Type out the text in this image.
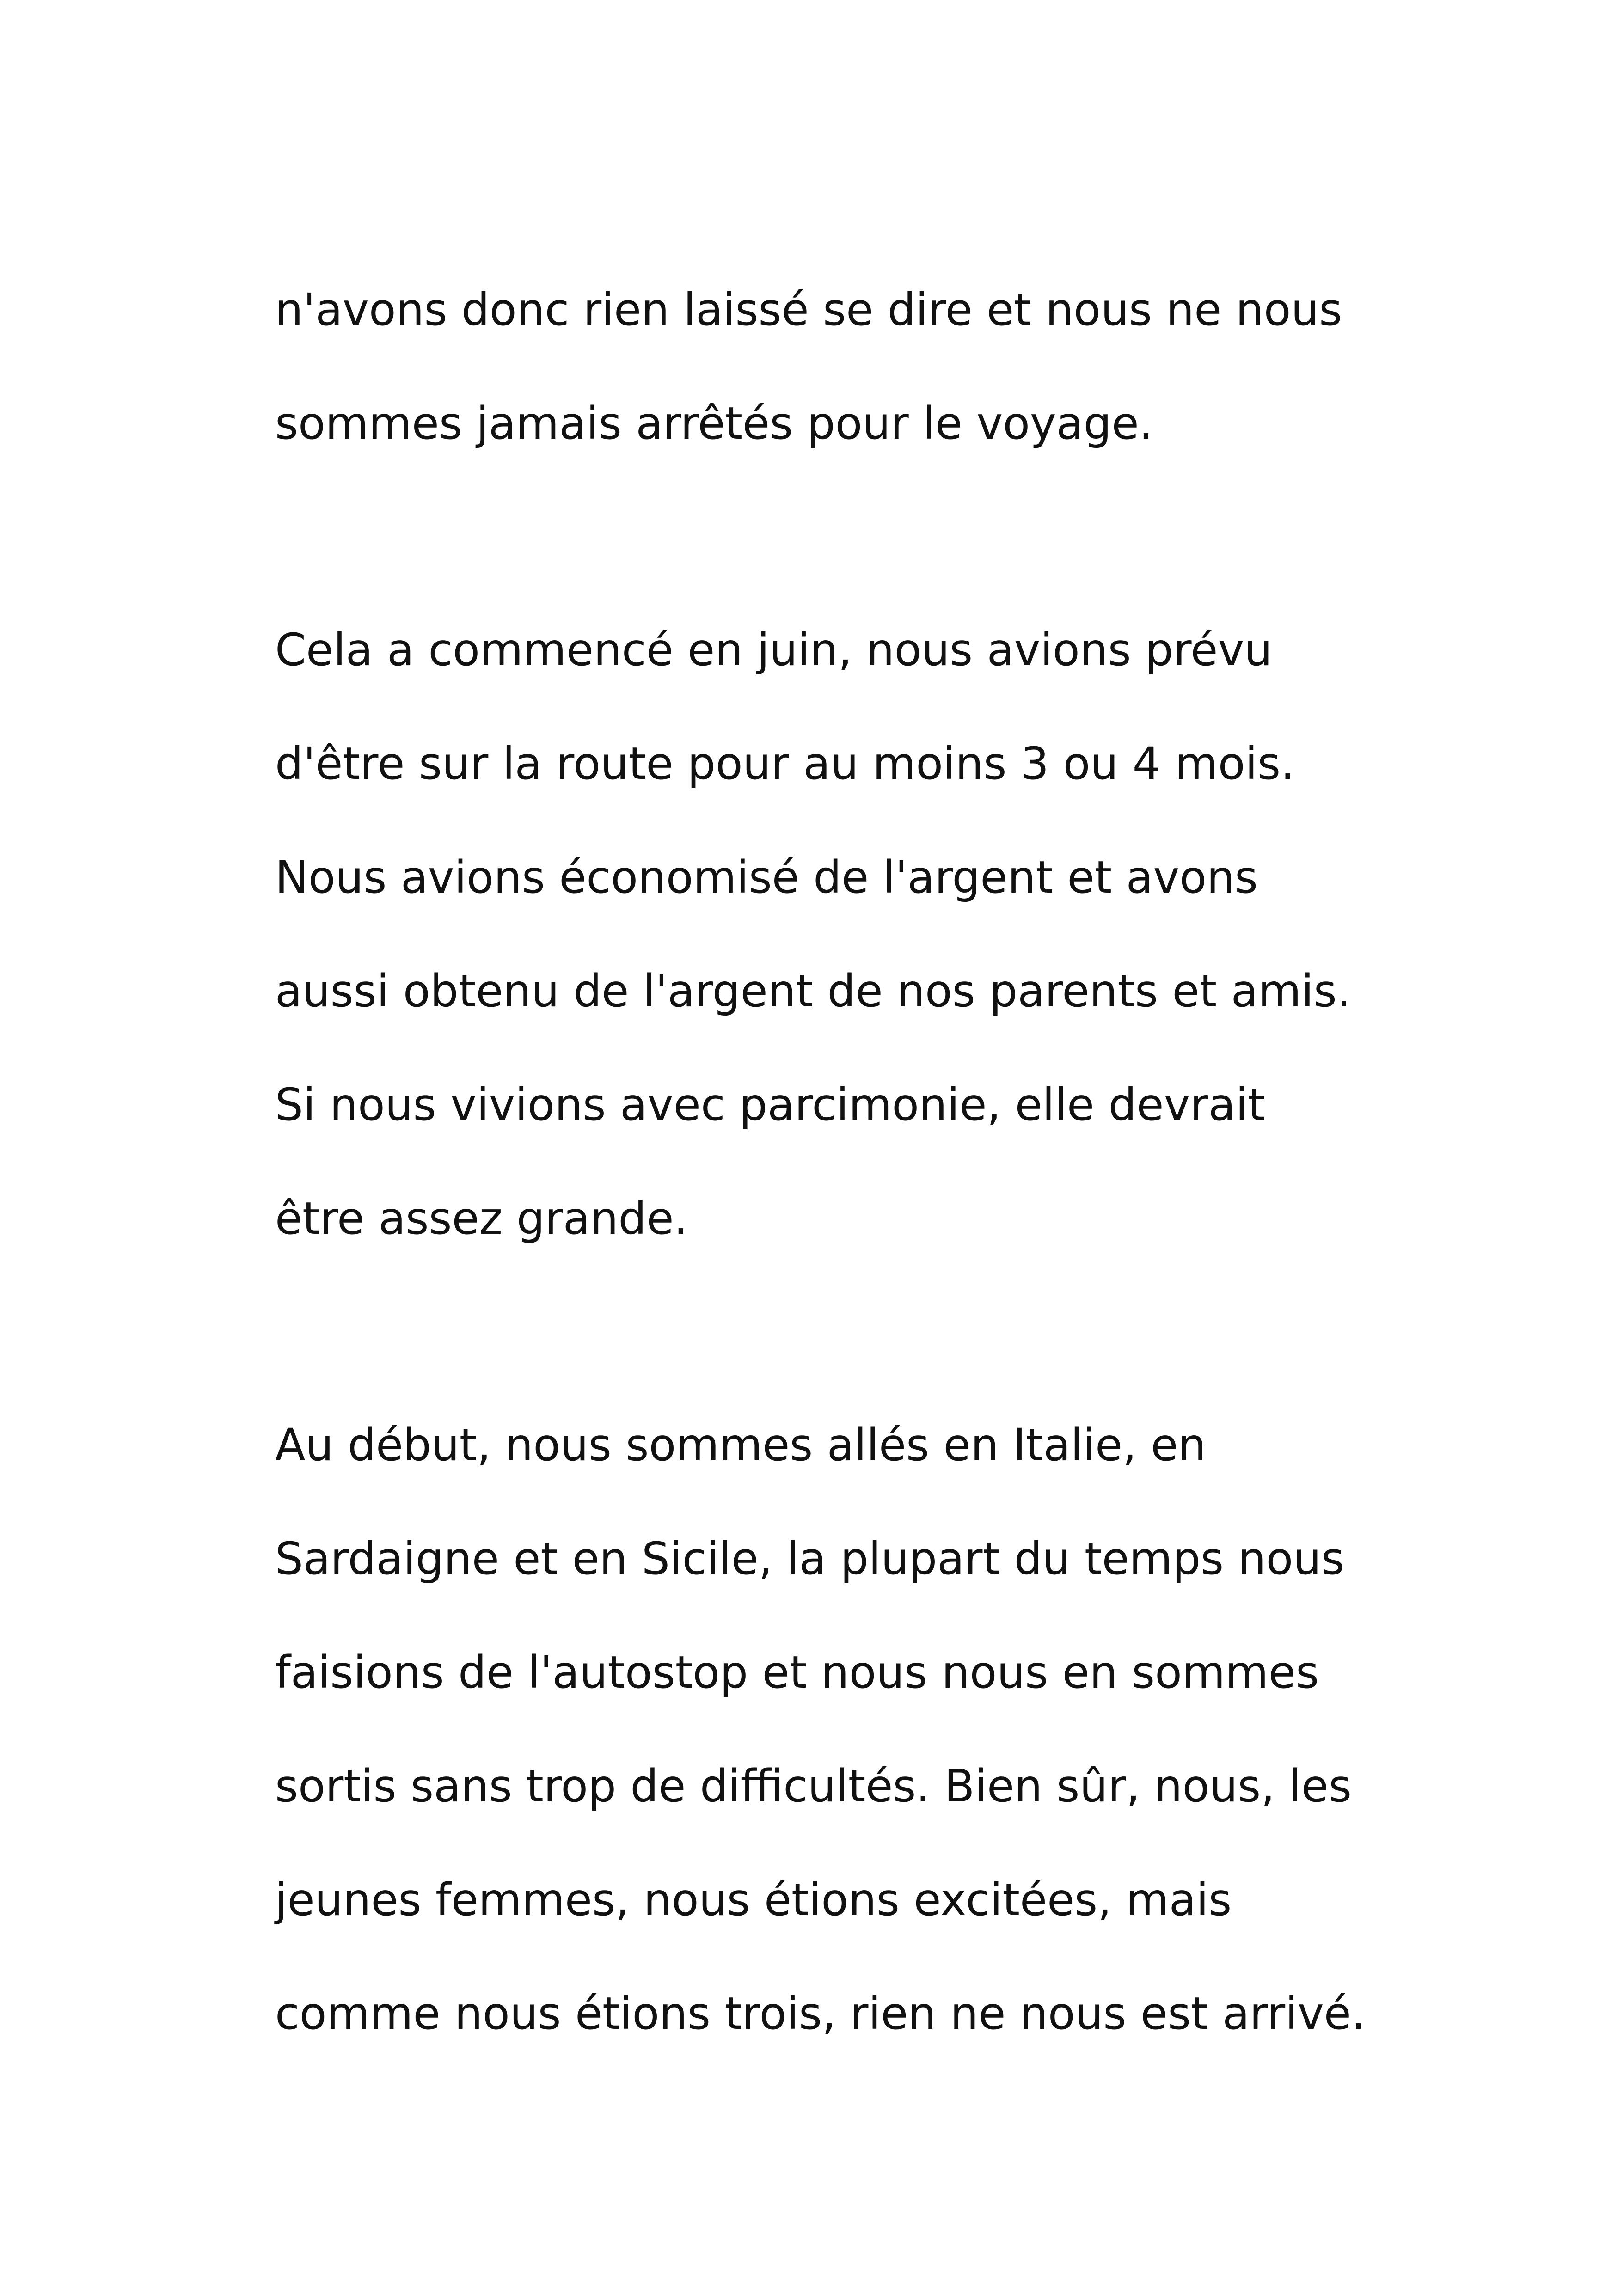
n'avons donc rien laissé se dire et nous ne nous
sommes jamais arrêtés pour le voyage.
Cela a commencé en juin, nous avions prévu
d'être sur la route pour au moins 3 ou 4 mois.
Nous avions économisé de l'argent et avons
aussi obtenu de l'argent de nos parents et amis.
Si nous vivions avec parcimonie, elle devrait
être assez grande.
Au début, nous sommes allés en Italie, en
Sardaigne et en Sicile, la plupart du temps nous
faisions de l'autostop et nous nous en sommes
sortis sans trop de difficultés. Bien sûr, nous, les
jeunes femmes, nous étions excitées, mais
comme nous étions trois, rien ne nous est arrivé.
